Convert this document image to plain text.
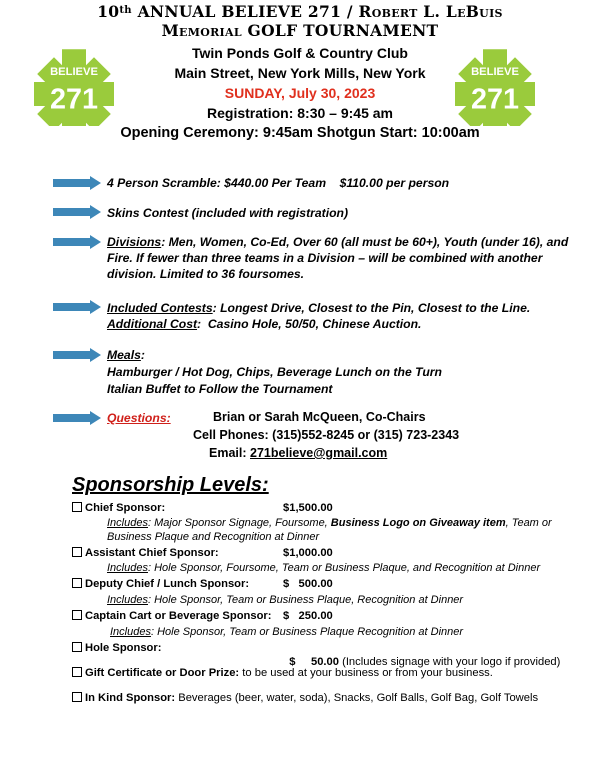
10th ANNUAL BELIEVE 271 / Robert L. LeBuis
Memorial GOLF TOURNAMENT
BELIEVE
271
BELIEVE
271
Twin Ponds Golf & Country Club
Main Street, New York Mills, New York
SUNDAY, July 30, 2023
Registration: 8:30 – 9:45 am
Opening Ceremony: 9:45am Shotgun Start: 10:00am
4 Person Scramble: $440.00 Per Team    $110.00 per person
Skins Contest (included with registration)
Divisions: Men, Women, Co-Ed, Over 60 (all must be 60+), Youth (under 16), and Fire. If fewer than three teams in a Division – will be combined with another division. Limited to 36 foursomes.
Included Contests: Longest Drive, Closest to the Pin, Closest to the Line.
Additional Cost:  Casino Hole, 50/50, Chinese Auction.
Meals:
Hamburger / Hot Dog, Chips, Beverage Lunch on the Turn
Italian Buffet to Follow the Tournament
Questions:	Brian or Sarah McQueen, Co-Chairs
Cell Phones: (315)552-8245 or (315) 723-2343
Email: 271believe@gmail.com
Sponsorship Levels:
Chief Sponsor:	$1,500.00
Includes: Major Sponsor Signage, Foursome, Business Logo on Giveaway item, Team or
Business Plaque and Recognition at Dinner
Assistant Chief Sponsor:	$1,000.00
Includes: Hole Sponsor, Foursome, Team or Business Plaque, and Recognition at Dinner
Deputy Chief / Lunch Sponsor:	$   500.00
Includes: Hole Sponsor, Team or Business Plaque, Recognition at Dinner
Captain Cart or Beverage Sponsor: $   250.00
Includes: Hole Sponsor, Team or Business Plaque Recognition at Dinner
Hole Sponsor:

$     50.00 (Includes signage with your logo if provided)

Gift Certificate or Door Prize: to be used at your business or from your business.
In Kind Sponsor: Beverages (beer, water, soda), Snacks, Golf Balls, Golf Bag, Golf Towels
